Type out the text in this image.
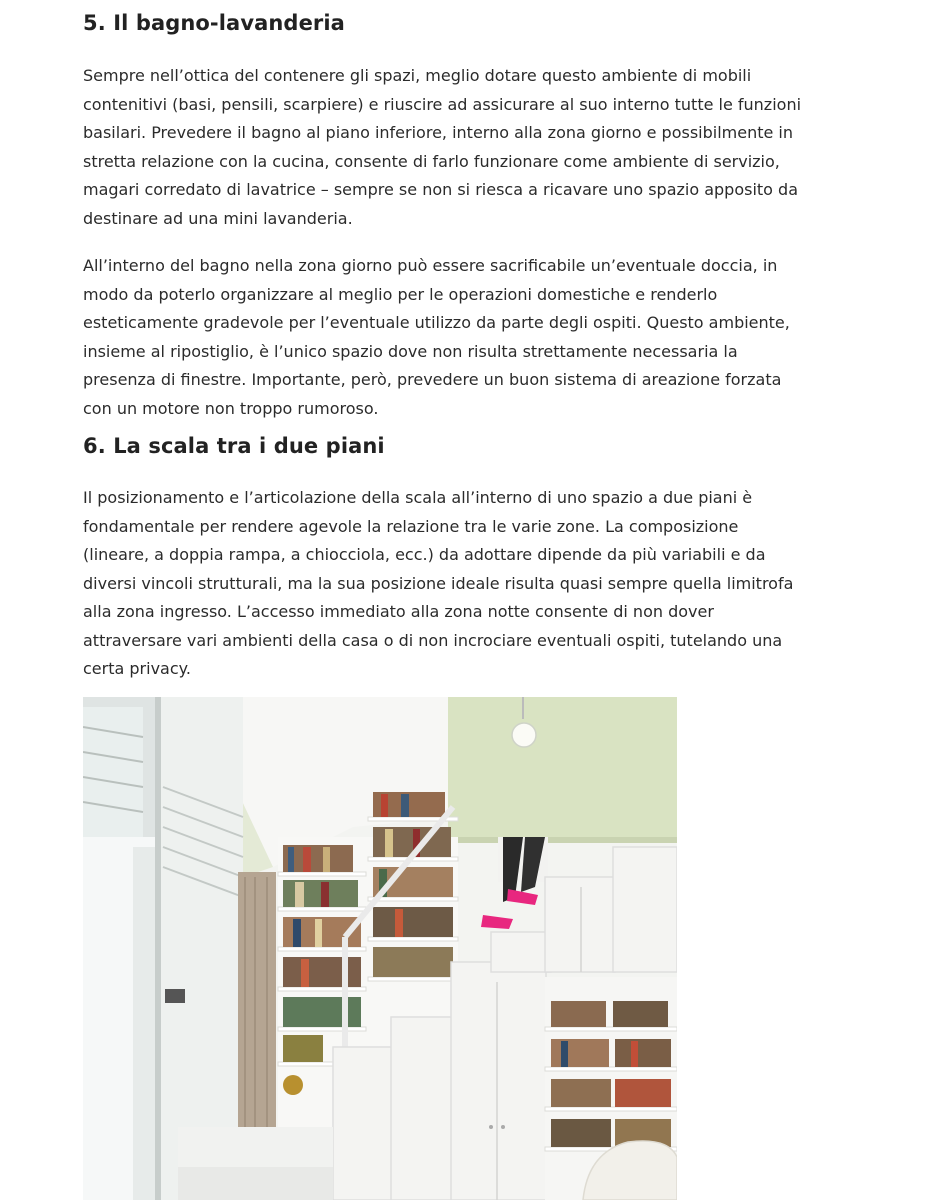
5. Il bagno-lavanderia

Sempre nell’ottica del contenere gli spazi, meglio dotare questo ambiente di mobili
contenitivi (basi, pensili, scarpiere) e riuscire ad assicurare al suo interno tutte le funzioni
basilari. Prevedere il bagno al piano inferiore, interno alla zona giorno e possibilmente in
stretta relazione con la cucina, consente di farlo funzionare come ambiente di servizio,
magari corredato di lavatrice – sempre se non si riesca a ricavare uno spazio apposito da
destinare ad una mini lavanderia.

All’interno del bagno nella zona giorno può essere sacrificabile un’eventuale doccia, in
modo da poterlo organizzare al meglio per le operazioni domestiche e renderlo
esteticamente gradevole per l’eventuale utilizzo da parte degli ospiti. Questo ambiente,
insieme al ripostiglio, è l’unico spazio dove non risulta strettamente necessaria la
presenza di finestre. Importante, però, prevedere un buon sistema di areazione forzata
con un motore non troppo rumoroso.

6. La scala tra i due piani

Il posizionamento e l’articolazione della scala all’interno di uno spazio a due piani è
fondamentale per rendere agevole la relazione tra le varie zone. La composizione
(lineare, a doppia rampa, a chiocciola, ecc.) da adottare dipende da più variabili e da
diversi vincoli strutturali, ma la sua posizione ideale risulta quasi sempre quella limitrofa
alla zona ingresso. L’accesso immediato alla zona notte consente di non dover
attraversare vari ambienti della casa o di non incrociare eventuali ospiti, tutelando una
certa privacy.
